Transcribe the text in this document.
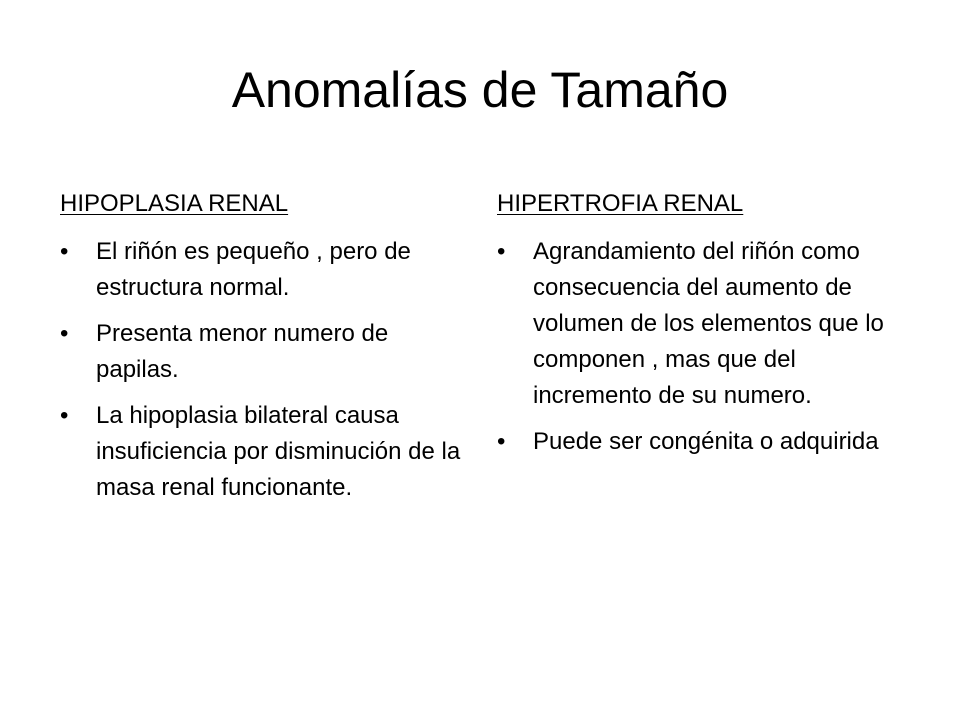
Anomalías de Tamaño
HIPOPLASIA RENAL
•	El riñón es pequeño , pero de estructura normal.
•	Presenta menor numero de papilas.
•	La hipoplasia bilateral causa insuficiencia por disminución de la masa renal funcionante.
HIPERTROFIA RENAL
•	Agrandamiento del riñón como consecuencia del aumento de volumen de los elementos que lo componen , mas que del incremento de su numero.
•	Puede ser congénita o adquirida
